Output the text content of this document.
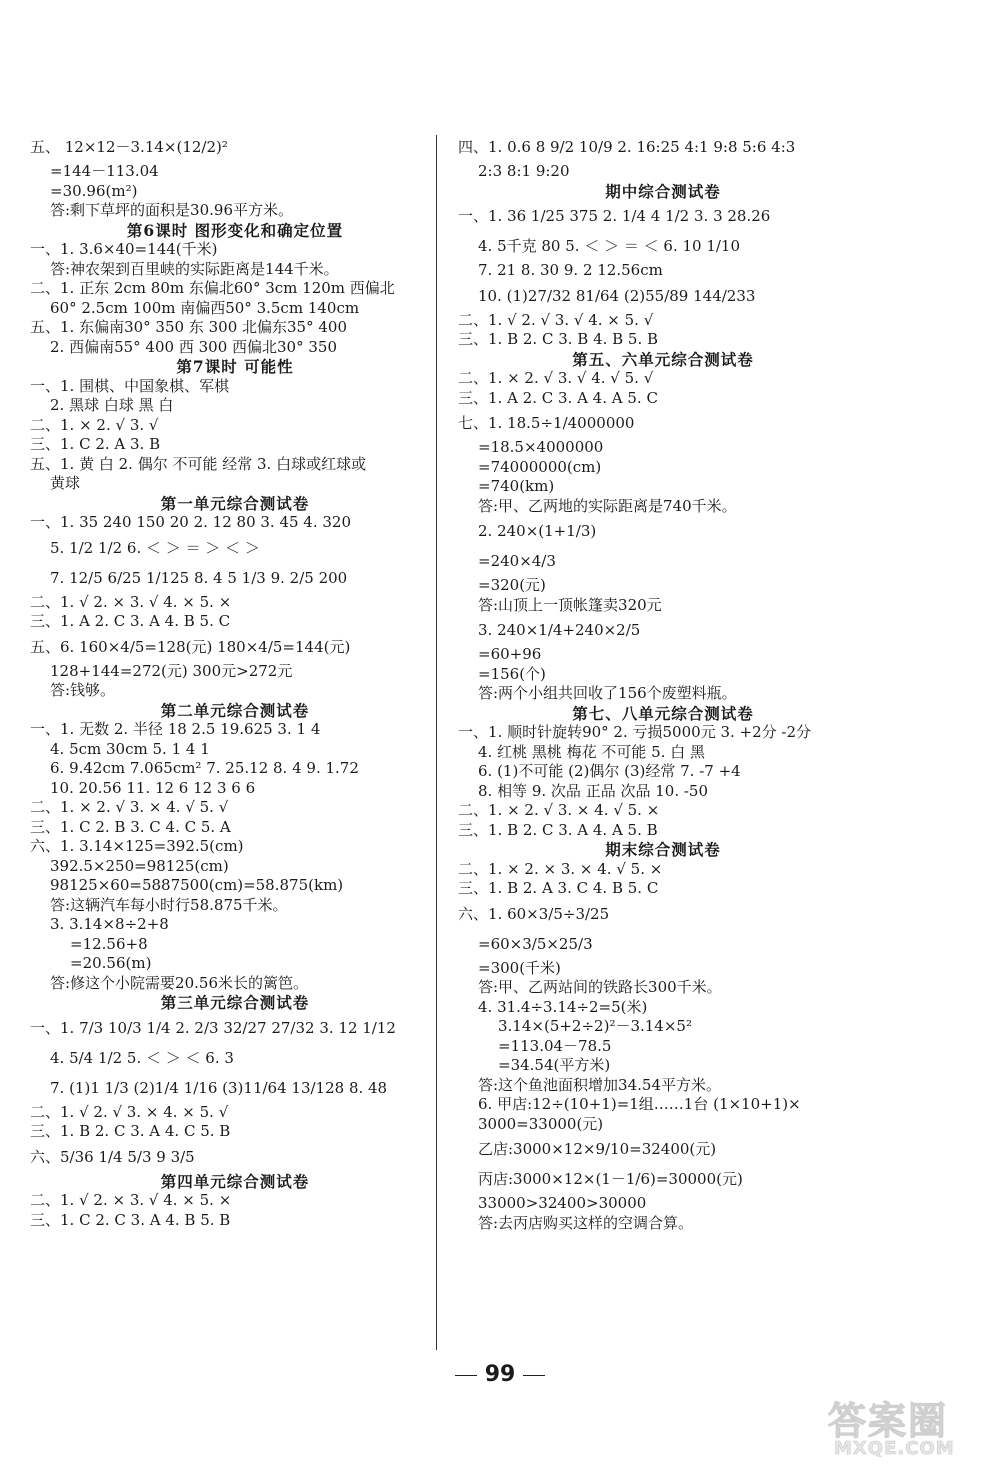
五、 12×12－3.14×(12/2)²
=144－113.04
=30.96(m²)
答:剩下草坪的面积是30.96平方米。
第6课时 图形变化和确定位置
一、1. 3.6×40=144(千米)
答:神农架到百里峡的实际距离是144千米。
二、1. 正东 2cm 80m 东偏北60° 3cm 120m 西偏北
60° 2.5cm 100m 南偏西50° 3.5cm 140cm
五、1. 东偏南30° 350 东 300 北偏东35° 400
2. 西偏南55° 400 西 300 西偏北30° 350
第7课时 可能性
一、1. 围棋、中国象棋、军棋
2. 黑球 白球 黑 白
二、1. × 2. √ 3. √
三、1. C 2. A 3. B
五、1. 黄 白 2. 偶尔 不可能 经常 3. 白球或红球或
黄球
第一单元综合测试卷
一、1. 35 240 150 20 2. 12 80 3. 45 4. 320
5. 1/2 1/2 6. ＜ ＞ ＝ ＞ ＜ ＞
7. 12/5 6/25 1/125 8. 4 5 1/3 9. 2/5 200
二、1. √ 2. × 3. √ 4. × 5. ×
三、1. A 2. C 3. A 4. B 5. C
五、6. 160×4/5=128(元) 180×4/5=144(元)
128+144=272(元) 300元>272元
答:钱够。
第二单元综合测试卷
一、1. 无数 2. 半径 18 2.5 19.625 3. 1 4
4. 5cm 30cm 5. 1 4 1
6. 9.42cm 7.065cm² 7. 25.12 8. 4 9. 1.72
10. 20.56 11. 12 6 12 3 6 6
二、1. × 2. √ 3. × 4. √ 5. √
三、1. C 2. B 3. C 4. C 5. A
六、1. 3.14×125=392.5(cm)
392.5×250=98125(cm)
98125×60=5887500(cm)=58.875(km)
答:这辆汽车每小时行58.875千米。
3. 3.14×8÷2+8
=12.56+8
=20.56(m)
答:修这个小院需要20.56米长的篱笆。
第三单元综合测试卷
一、1. 7/3 10/3 1/4 2. 2/3 32/27 27/32 3. 12 1/12
4. 5/4 1/2 5. ＜ ＞ ＜ 6. 3
7. (1)1 1/3 (2)1/4 1/16 (3)11/64 13/128 8. 48
二、1. √ 2. √ 3. × 4. × 5. √
三、1. B 2. C 3. A 4. C 5. B
六、5/36 1/4 5/3 9 3/5
第四单元综合测试卷
二、1. √ 2. × 3. √ 4. × 5. ×
三、1. C 2. C 3. A 4. B 5. B
四、1. 0.6 8 9/2 10/9 2. 16:25 4:1 9:8 5:6 4:3
2:3 8:1 9:20
期中综合测试卷
一、1. 36 1/25 375 2. 1/4 4 1/2 3. 3 28.26
4. 5千克 80 5. ＜ ＞ ＝ ＜ 6. 10 1/10
7. 21 8. 30 9. 2 12.56cm
10. (1)27/32 81/64 (2)55/89 144/233
二、1. √ 2. √ 3. √ 4. × 5. √
三、1. B 2. C 3. B 4. B 5. B
第五、六单元综合测试卷
二、1. × 2. √ 3. √ 4. √ 5. √
三、1. A 2. C 3. A 4. A 5. C
七、1. 18.5÷1/4000000
=18.5×4000000
=74000000(cm)
=740(km)
答:甲、乙两地的实际距离是740千米。
2. 240×(1+1/3)
=240×4/3
=320(元)
答:山顶上一顶帐篷卖320元
3. 240×1/4+240×2/5
=60+96
=156(个)
答:两个小组共回收了156个废塑料瓶。
第七、八单元综合测试卷
一、1. 顺时针旋转90° 2. 亏损5000元 3. +2分 -2分
4. 红桃 黑桃 梅花 不可能 5. 白 黑
6. (1)不可能 (2)偶尔 (3)经常 7. -7 +4
8. 相等 9. 次品 正品 次品 10. -50
二、1. × 2. √ 3. × 4. √ 5. ×
三、1. B 2. C 3. A 4. A 5. B
期末综合测试卷
二、1. × 2. × 3. × 4. √ 5. ×
三、1. B 2. A 3. C 4. B 5. C
六、1. 60×3/5÷3/25
=60×3/5×25/3
=300(千米)
答:甲、乙两站间的铁路长300千米。
4. 31.4÷3.14÷2=5(米)
3.14×(5+2÷2)²－3.14×5²
=113.04－78.5
=34.54(平方米)
答:这个鱼池面积增加34.54平方米。
6. 甲店:12÷(10+1)=1组……1台 (1×10+1)×
3000=33000(元)
乙店:3000×12×9/10=32400(元)
丙店:3000×12×(1－1/6)=30000(元)
33000>32400>30000
答:去丙店购买这样的空调合算。
99
答案圈
MXQE.COM
